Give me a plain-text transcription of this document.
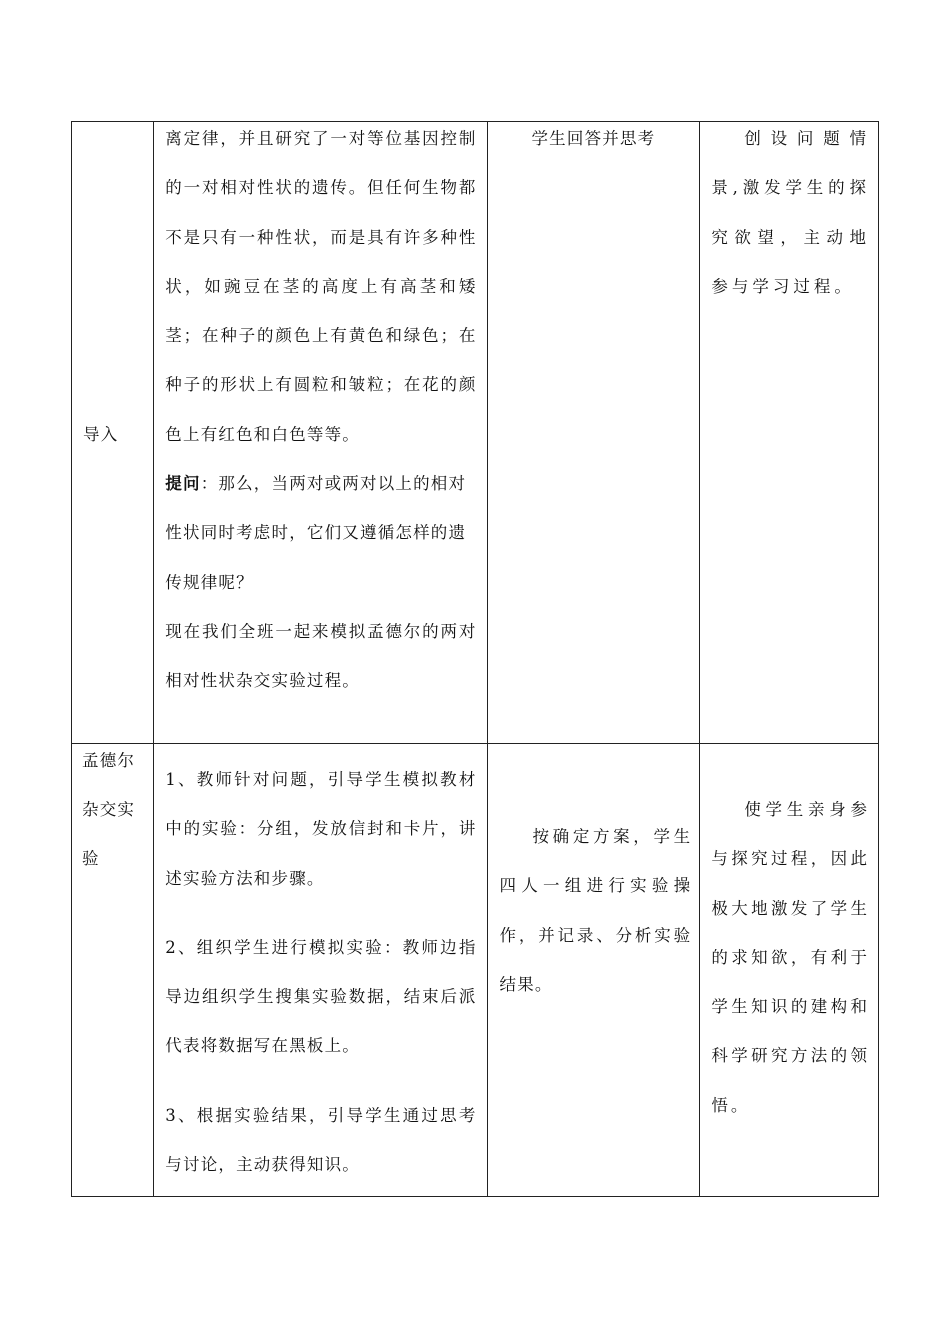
导入	离定律，并且研究了一对等位基因控制的一对相对性状的遗传。但任何生物都不是只有一种性状，而是具有许多种性状，如豌豆在茎的高度上有高茎和矮茎；在种子的颜色上有黄色和绿色；在种子的形状上有圆粒和皱粒；在花的颜色上有红色和白色等等。

提问：那么，当两对或两对以上的相对性状同时考虑时，它们又遵循怎样的遗传规律呢？

现在我们全班一起来模拟孟德尔的两对相对性状杂交实验过程。	学生回答并思考	创设问题情景,激发学生的探究欲望，主动地参与学习过程。

孟德尔杂交实验	1、教师针对问题，引导学生模拟教材中的实验：分组，发放信封和卡片，讲述实验方法和步骤。

2、组织学生进行模拟实验：教师边指导边组织学生搜集实验数据，结束后派代表将数据写在黑板上。

3、根据实验结果，引导学生通过思考与讨论，主动获得知识。	按确定方案，学生四人一组进行实验操作，并记录、分析实验结果。	使学生亲身参与探究过程，因此极大地激发了学生的求知欲，有利于学生知识的建构和科学研究方法的领悟。
